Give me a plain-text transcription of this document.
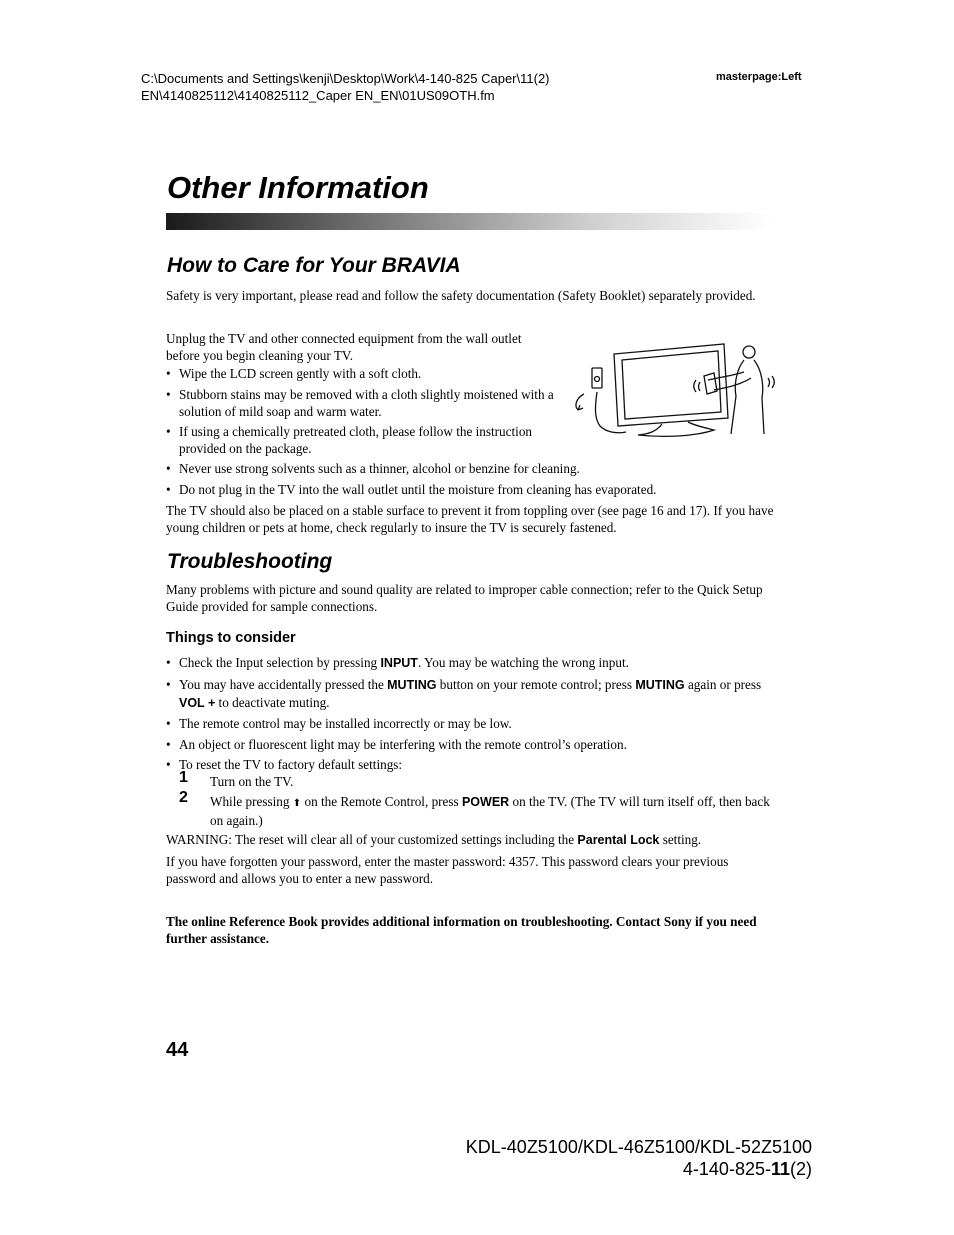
C:\Documents and Settings\kenji\Desktop\Work\4-140-825 Caper\11(2)
EN\4140825112\4140825112_Caper EN_EN\01US09OTH.fm
masterpage:Left
Other Information
How to Care for Your BRAVIA

Safety is very important, please read and follow the safety documentation (Safety Booklet) separately provided.

Unplug the TV and other connected equipment from the wall outlet before you begin cleaning your TV.

• Wipe the LCD screen gently with a soft cloth.
• Stubborn stains may be removed with a cloth slightly moistened with a solution of mild soap and warm water.
• If using a chemically pretreated cloth, please follow the instruction provided on the package.
• Never use strong solvents such as a thinner, alcohol or benzine for cleaning.
• Do not plug in the TV into the wall outlet until the moisture from cleaning has evaporated.

The TV should also be placed on a stable surface to prevent it from toppling over (see page 16 and 17). If you have young children or pets at home, check regularly to insure the TV is securely fastened.

Troubleshooting

Many problems with picture and sound quality are related to improper cable connection; refer to the Quick Setup Guide provided for sample connections.

Things to consider
• Check the Input selection by pressing INPUT. You may be watching the wrong input.
• You may have accidentally pressed the MUTING button on your remote control; press MUTING again or press VOL + to deactivate muting.
• The remote control may be installed incorrectly or may be low.
• An object or fluorescent light may be interfering with the remote control’s operation.
• To reset the TV to factory default settings:
1 Turn on the TV.
2 While pressing ⬆ on the Remote Control, press POWER on the TV. (The TV will turn itself off, then back on again.)

WARNING: The reset will clear all of your customized settings including the Parental Lock setting.

If you have forgotten your password, enter the master password: 4357. This password clears your previous password and allows you to enter a new password.

The online Reference Book provides additional information on troubleshooting. Contact Sony if you need further assistance.

44
KDL-40Z5100/KDL-46Z5100/KDL-52Z5100
4-140-825-11(2)
